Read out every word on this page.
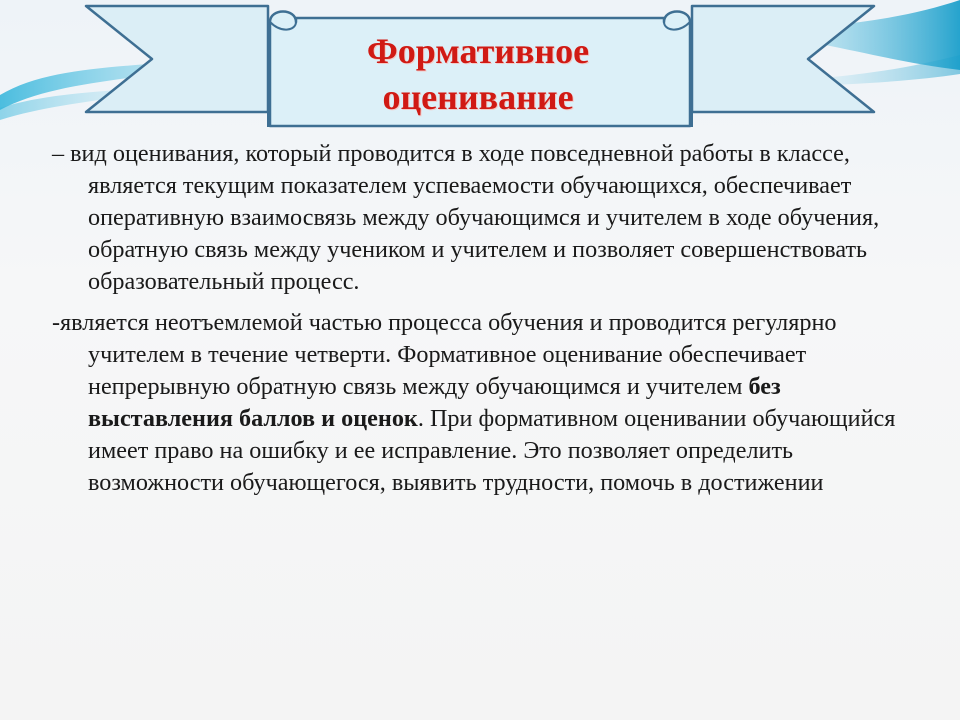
Формативное
оценивание

– вид оценивания, который проводится в ходе повседневной работы в классе, является текущим показателем успеваемости обучающихся, обеспечивает оперативную взаимосвязь между обучающимся и учителем в ходе обучения, обратную связь между учеником и учителем и позволяет совершенствовать образовательный процесс.

-является неотъемлемой частью процесса обучения и проводится регулярно учителем в течение четверти. Формативное оценивание обеспечивает непрерывную обратную связь между обучающимся и учителем без выставления баллов и оценок. При формативном оценивании обучающийся имеет право на ошибку и ее исправление. Это позволяет определить возможности обучающегося, выявить трудности, помочь в достижении
